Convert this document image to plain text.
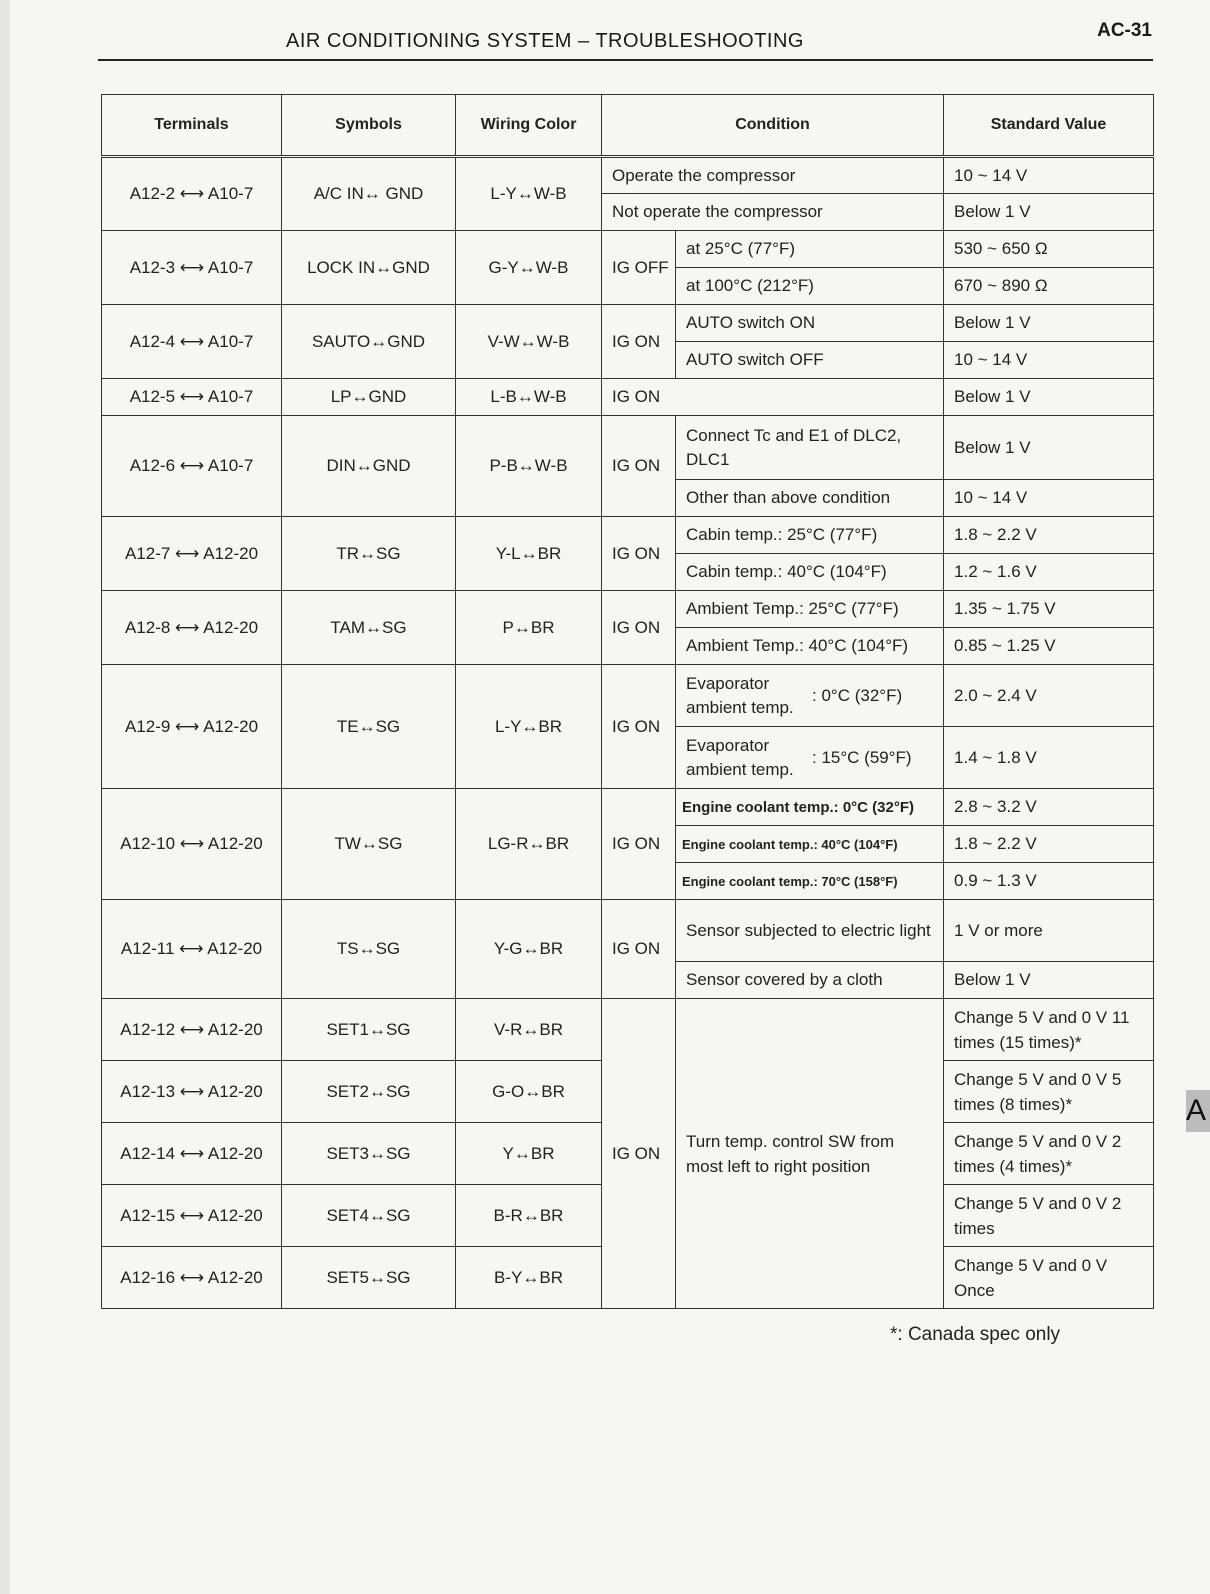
AIR CONDITIONING SYSTEM – TROUBLESHOOTING	AC-31
A
Terminals	Symbols	Wiring Color	Condition		Standard Value
A12-2 ⟷ A10-7	A/C IN↔ GND	L-Y↔W-B	Operate the compressor		10 ~ 14 V
			Not operate the compressor		Below 1 V
A12-3 ⟷ A10-7	LOCK IN↔GND	G-Y↔W-B	IG OFF	at 25°C (77°F)	530 ~ 650 Ω
				at 100°C (212°F)	670 ~ 890 Ω
A12-4 ⟷ A10-7	SAUTO↔GND	V-W↔W-B	IG ON	AUTO switch ON	Below 1 V
				AUTO switch OFF	10 ~ 14 V
A12-5 ⟷ A10-7	LP↔GND	L-B↔W-B	IG ON		Below 1 V
A12-6 ⟷ A10-7	DIN↔GND	P-B↔W-B	IG ON	Connect Tc and E1 of DLC2, DLC1	Below 1 V
				Other than above condition	10 ~ 14 V
A12-7 ⟷ A12-20	TR↔SG	Y-L↔BR	IG ON	Cabin temp.: 25°C (77°F)	1.8 ~ 2.2 V
				Cabin temp.: 40°C (104°F)	1.2 ~ 1.6 V
A12-8 ⟷ A12-20	TAM↔SG	P↔BR	IG ON	Ambient Temp.: 25°C (77°F)	1.35 ~ 1.75 V
				Ambient Temp.: 40°C (104°F)	0.85 ~ 1.25 V
A12-9 ⟷ A12-20	TE↔SG	L-Y↔BR	IG ON	Evaporator ambient temp.
: 0°C (32°F)	2.0 ~ 2.4 V

				Evaporator ambient temp.
: 15°C (59°F)	1.4 ~ 1.8 V
A12-10 ⟷ A12-20	TW↔SG	LG-R↔BR	IG ON	Engine coolant temp.: 0°C (32°F)	2.8 ~ 3.2 V
				Engine coolant temp.: 40°C (104°F)	1.8 ~ 2.2 V
				Engine coolant temp.: 70°C (158°F)	0.9 ~ 1.3 V
A12-11 ⟷ A12-20	TS↔SG	Y-G↔BR	IG ON	Sensor subjected to electric light	1 V or more
				Sensor covered by a cloth	Below 1 V
A12-12 ⟷ A12-20	SET1↔SG	V-R↔BR	IG ON	Turn temp. control SW from most left to right position	Change 5 V and 0 V 11 times (15 times)*
A12-13 ⟷ A12-20	SET2↔SG	G-O↔BR			Change 5 V and 0 V 5 times (8 times)*
A12-14 ⟷ A12-20	SET3↔SG	Y↔BR			Change 5 V and 0 V 2 times (4 times)*
A12-15 ⟷ A12-20	SET4↔SG	B-R↔BR			Change 5 V and 0 V 2 times
A12-16 ⟷ A12-20	SET5↔SG	B-Y↔BR			Change 5 V and 0 V Once
*: Canada spec only
